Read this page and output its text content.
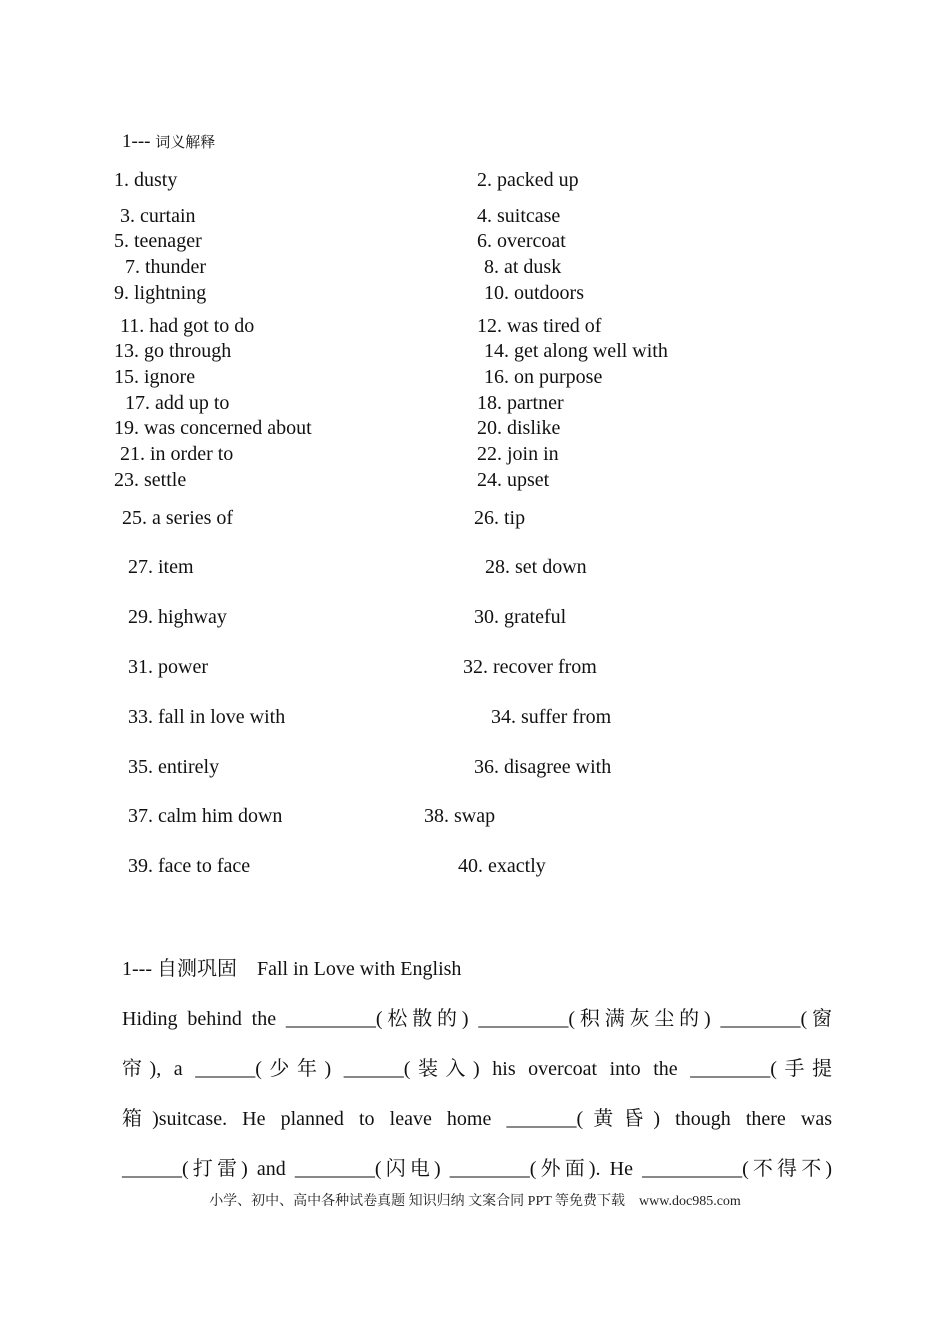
1--- 词义解释
1. dusty	2. packed up
3. curtain	4. suitcase
5. teenager	6. overcoat
7. thunder	8. at dusk
9. lightning	10. outdoors
11. had got to do	12. was tired of
13. go through	14. get along well with
15. ignore	16. on purpose
17. add up to	18. partner
19. was concerned about	20. dislike
21. in order to	22. join in
23. settle	24. upset
25. a series of	26. tip
27. item	28. set down
29. highway	30. grateful
31. power	32. recover from
33. fall in love with	34. suffer from
35. entirely	36. disagree with
37. calm him down	38. swap
39. face to face	40. exactly
1--- 自测巩固　Fall in Love with English
Hiding behind the _________(松散的) _________(积满灰尘的) ________(窗
帘), a ______(少年) ______(装入) his overcoat into the ________(手提
箱)suitcase. He planned to leave home _______(黄昏) though there was
______(打雷) and ________(闪电) ________(外面). He __________(不得不)
小学、初中、高中各种试卷真题 知识归纳 文案合同 PPT 等免费下载　www.doc985.com
